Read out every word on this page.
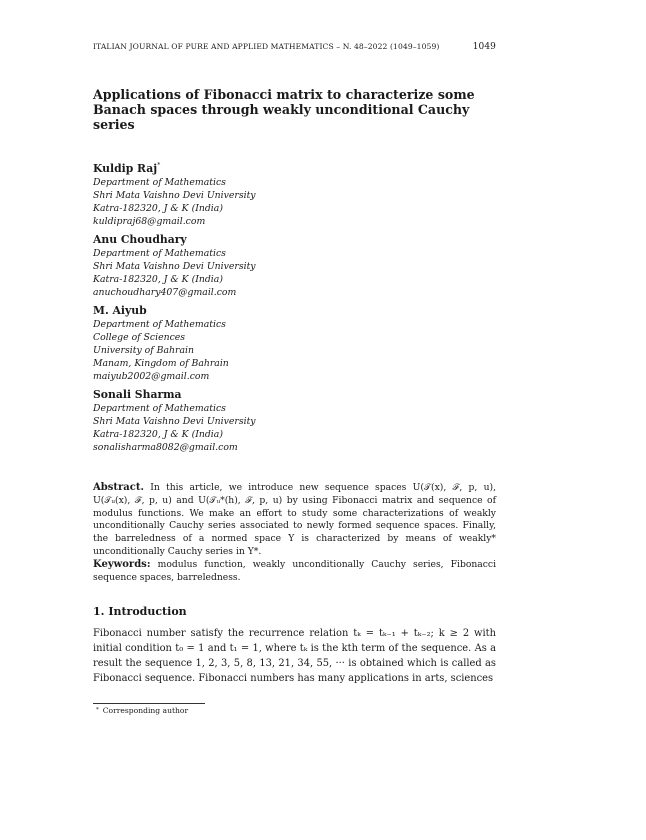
ITALIAN JOURNAL OF PURE AND APPLIED MATHEMATICS – N. 48–2022 (1049–1059)	1049
Applications of Fibonacci matrix to characterize some Banach spaces through weakly unconditional Cauchy series
Kuldip Raj*
Department of Mathematics
Shri Mata Vaishno Devi University
Katra-182320, J & K (India)
kuldipraj68@gmail.com
Anu Choudhary
Department of Mathematics
Shri Mata Vaishno Devi University
Katra-182320, J & K (India)
anuchoudhary407@gmail.com
M. Aiyub
Department of Mathematics
College of Sciences
University of Bahrain
Manam, Kingdom of Bahrain
maiyub2002@gmail.com
Sonali Sharma
Department of Mathematics
Shri Mata Vaishno Devi University
Katra-182320, J & K (India)
sonalisharma8082@gmail.com
Abstract. In this article, we introduce new sequence spaces U(𝒯(x), ℱ, p, u), U(𝒯ᵤ(x), ℱ, p, u) and U(𝒯ᵤ*(h), ℱ, p, u) by using Fibonacci matrix and sequence of modulus functions. We make an effort to study some characterizations of weakly unconditionally Cauchy series associated to newly formed sequence spaces. Finally, the barreledness of a normed space Y is characterized by means of weakly* unconditionally Cauchy series in Y*.
Keywords: modulus function, weakly unconditionally Cauchy series, Fibonacci sequence spaces, barreledness.
1. Introduction
Fibonacci number satisfy the recurrence relation tₖ = tₖ₋₁ + tₖ₋₂; k ≥ 2 with initial condition t₀ = 1 and t₁ = 1, where tₖ is the kth term of the sequence. As a result the sequence 1, 2, 3, 5, 8, 13, 21, 34, 55, ··· is obtained which is called as Fibonacci sequence. Fibonacci numbers has many applications in arts, sciences
* Corresponding author
